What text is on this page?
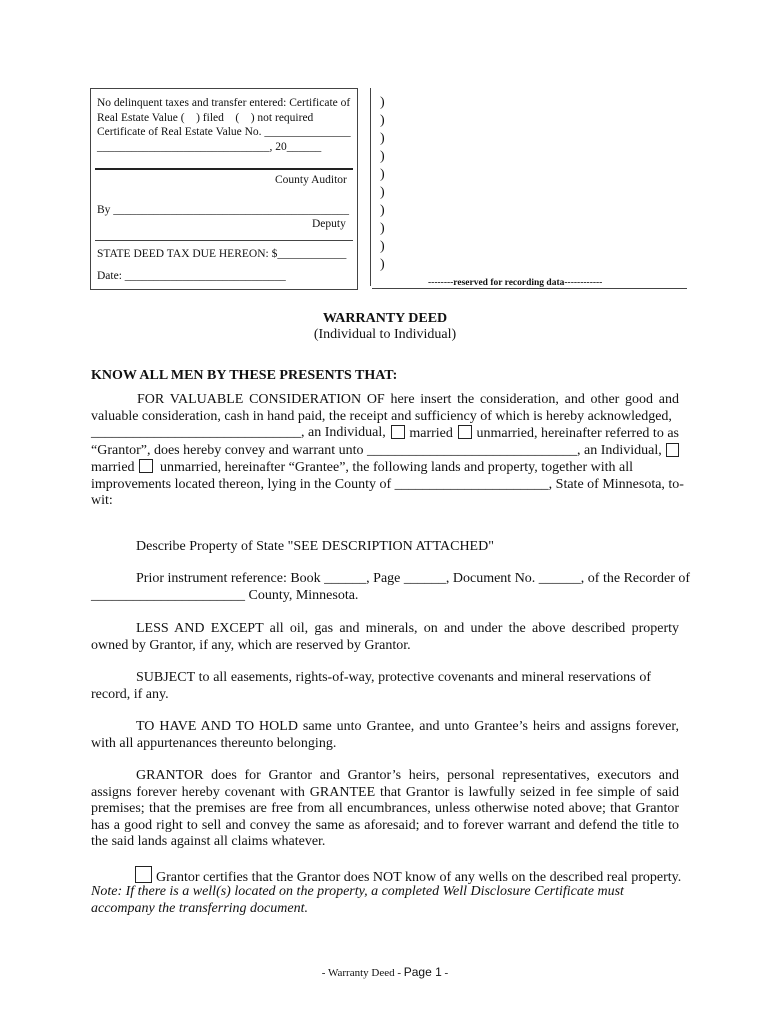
No delinquent taxes and transfer entered: Certificate of
Real Estate Value (    ) filed    (    ) not required
Certificate of Real Estate Value No. _______________
______________________________, 20______
County Auditor
By _________________________________________
Deputy
STATE DEED TAX DUE HEREON: $____________
Date: ____________________________
)
)
)
)
)
)
)
)
)
)
--------reserved for recording data------------
WARRANTY DEED
(Individual to Individual)
KNOW ALL MEN BY THESE PRESENTS THAT:
FOR VALUABLE CONSIDERATION OF here insert the consideration, and other good and valuable consideration, cash in hand paid, the receipt and sufficiency of which is hereby acknowledged,
______________________________, an Individual,	married	unmarried, hereinafter referred to as
“Grantor”, does hereby convey and warrant unto ______________________________, an Individual,
married unmarried, hereinafter “Grantee”, the following lands and property, together with all
improvements located thereon, lying in the County of ______________________, State of Minnesota, to-
wit:
Describe Property of State "SEE DESCRIPTION ATTACHED"
Prior instrument reference: Book ______, Page ______, Document No. ______, of the Recorder of
______________________ County, Minnesota.
LESS AND EXCEPT all oil, gas and minerals, on and under the above described property owned by Grantor, if any, which are reserved by Grantor.
SUBJECT to all easements, rights-of-way, protective covenants and mineral reservations of record, if any.
TO HAVE AND TO HOLD same unto Grantee, and unto Grantee’s heirs and assigns forever, with all appurtenances thereunto belonging.
GRANTOR does for Grantor and Grantor’s heirs, personal representatives, executors and assigns forever hereby covenant with GRANTEE that Grantor is lawfully seized in fee simple of said premises; that the premises are free from all encumbrances, unless otherwise noted above; that Grantor has a good right to sell and convey the same as aforesaid; and to forever warrant and defend the title to the said lands against all claims whatever.
Grantor certifies that the Grantor does NOT know of any wells on the described real property.
Note: If there is a well(s) located on the property, a completed Well Disclosure Certificate must accompany the transferring document.
- Warranty Deed - Page 1 -
